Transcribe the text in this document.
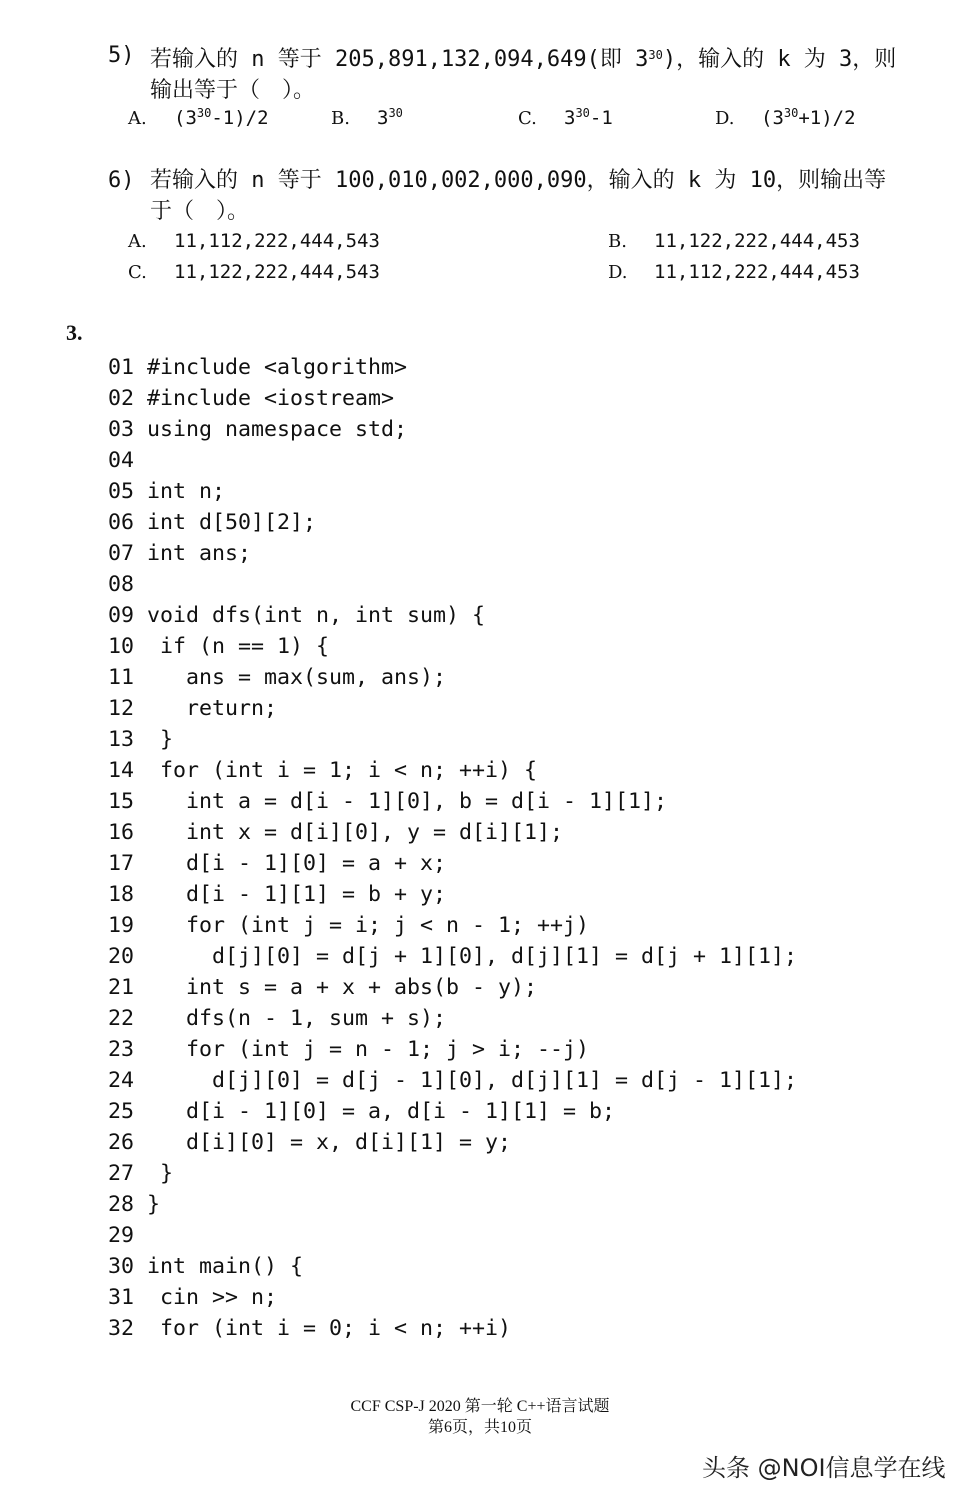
5) 若输入的 n 等于 205,891,132,094,649(即 $3^{30}$)，输入的 k 为 3，则
输出等于（　）。
A. $(3^{30}-1)/2$	B. $3^{30}$	C. $3^{30}-1$	D. $(3^{30}+1)/2$
6) 若输入的 n 等于 100,010,002,000,090，输入的 k 为 10，则输出等
于（　）。
A. 11,112,222,444,543	B. 11,122,222,444,453
C. 11,122,222,444,543	D. 11,112,222,444,453
3.
01 #include <algorithm>
02 #include <iostream>
03 using namespace std;
04
05 int n;
06 int d[50][2];
07 int ans;
08
09 void dfs(int n, int sum) {
10  if (n == 1) {
11    ans = max(sum, ans);
12    return;
13  }
14  for (int i = 1; i < n; ++i) {
15    int a = d[i - 1][0], b = d[i - 1][1];
16    int x = d[i][0], y = d[i][1];
17    d[i - 1][0] = a + x;
18    d[i - 1][1] = b + y;
19    for (int j = i; j < n - 1; ++j)
20      d[j][0] = d[j + 1][0], d[j][1] = d[j + 1][1];
21    int s = a + x + abs(b - y);
22    dfs(n - 1, sum + s);
23    for (int j = n - 1; j > i; --j)
24      d[j][0] = d[j - 1][0], d[j][1] = d[j - 1][1];
25    d[i - 1][0] = a, d[i - 1][1] = b;
26    d[i][0] = x, d[i][1] = y;
27  }
28 }
29
30 int main() {
31  cin >> n;
32  for (int i = 0; i < n; ++i)
CCF CSP-J 2020 第一轮 C++语言试题
第6页，共10页
头条 @NOI信息学在线
